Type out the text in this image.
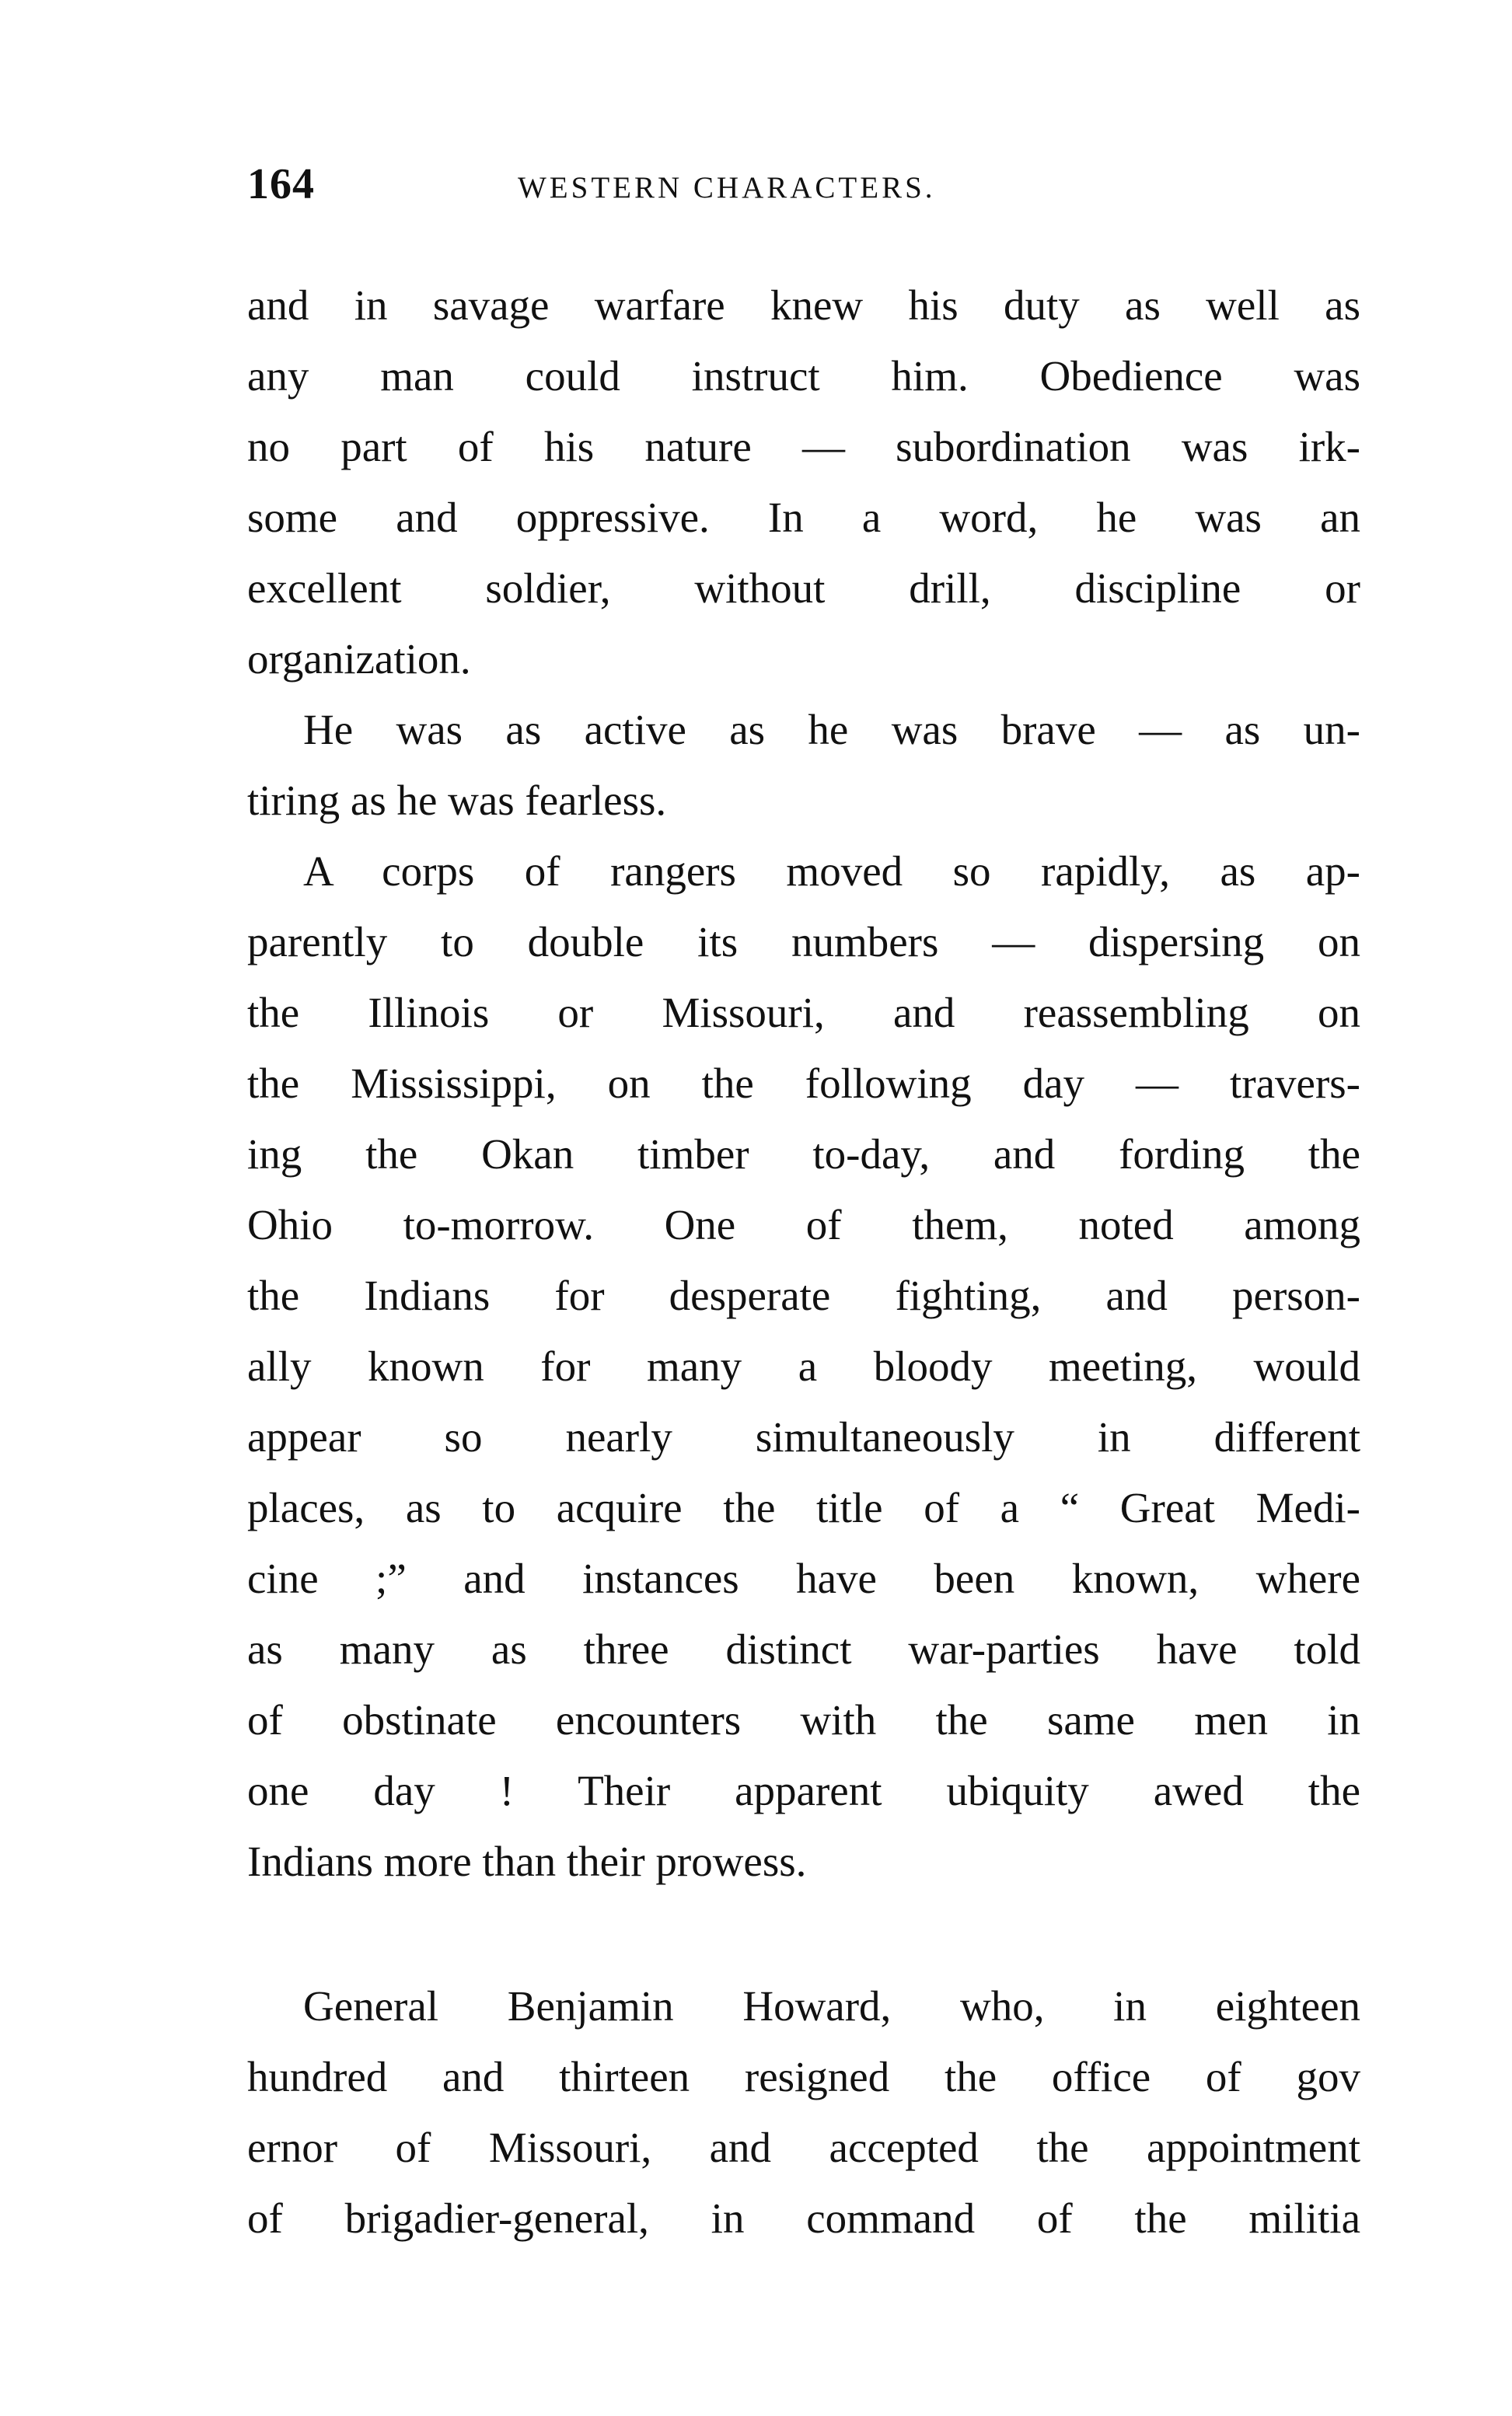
164	WESTERN CHARACTERS.
and in savage warfare knew his duty as well as
any man could instruct him. Obedience was
no part of his nature — subordination was irk-
some and oppressive. In a word, he was an
excellent soldier, without drill, discipline or
organization.
He was as active as he was brave — as un-
tiring as he was fearless.
A corps of rangers moved so rapidly, as ap-
parently to double its numbers — dispersing on
the Illinois or Missouri, and reassembling on
the Mississippi, on the following day — travers-
ing the Okan timber to-day, and fording the
Ohio to-morrow. One of them, noted among
the Indians for desperate fighting, and person-
ally known for many a bloody meeting, would
appear so nearly simultaneously in different
places, as to acquire the title of a “ Great Medi-
cine ;” and instances have been known, where
as many as three distinct war-parties have told
of obstinate encounters with the same men in
one day ! Their apparent ubiquity awed the
Indians more than their prowess.
General Benjamin Howard, who, in eighteen
hundred and thirteen resigned the office of gov
ernor of Missouri, and accepted the appointment
of brigadier-general, in command of the militia
